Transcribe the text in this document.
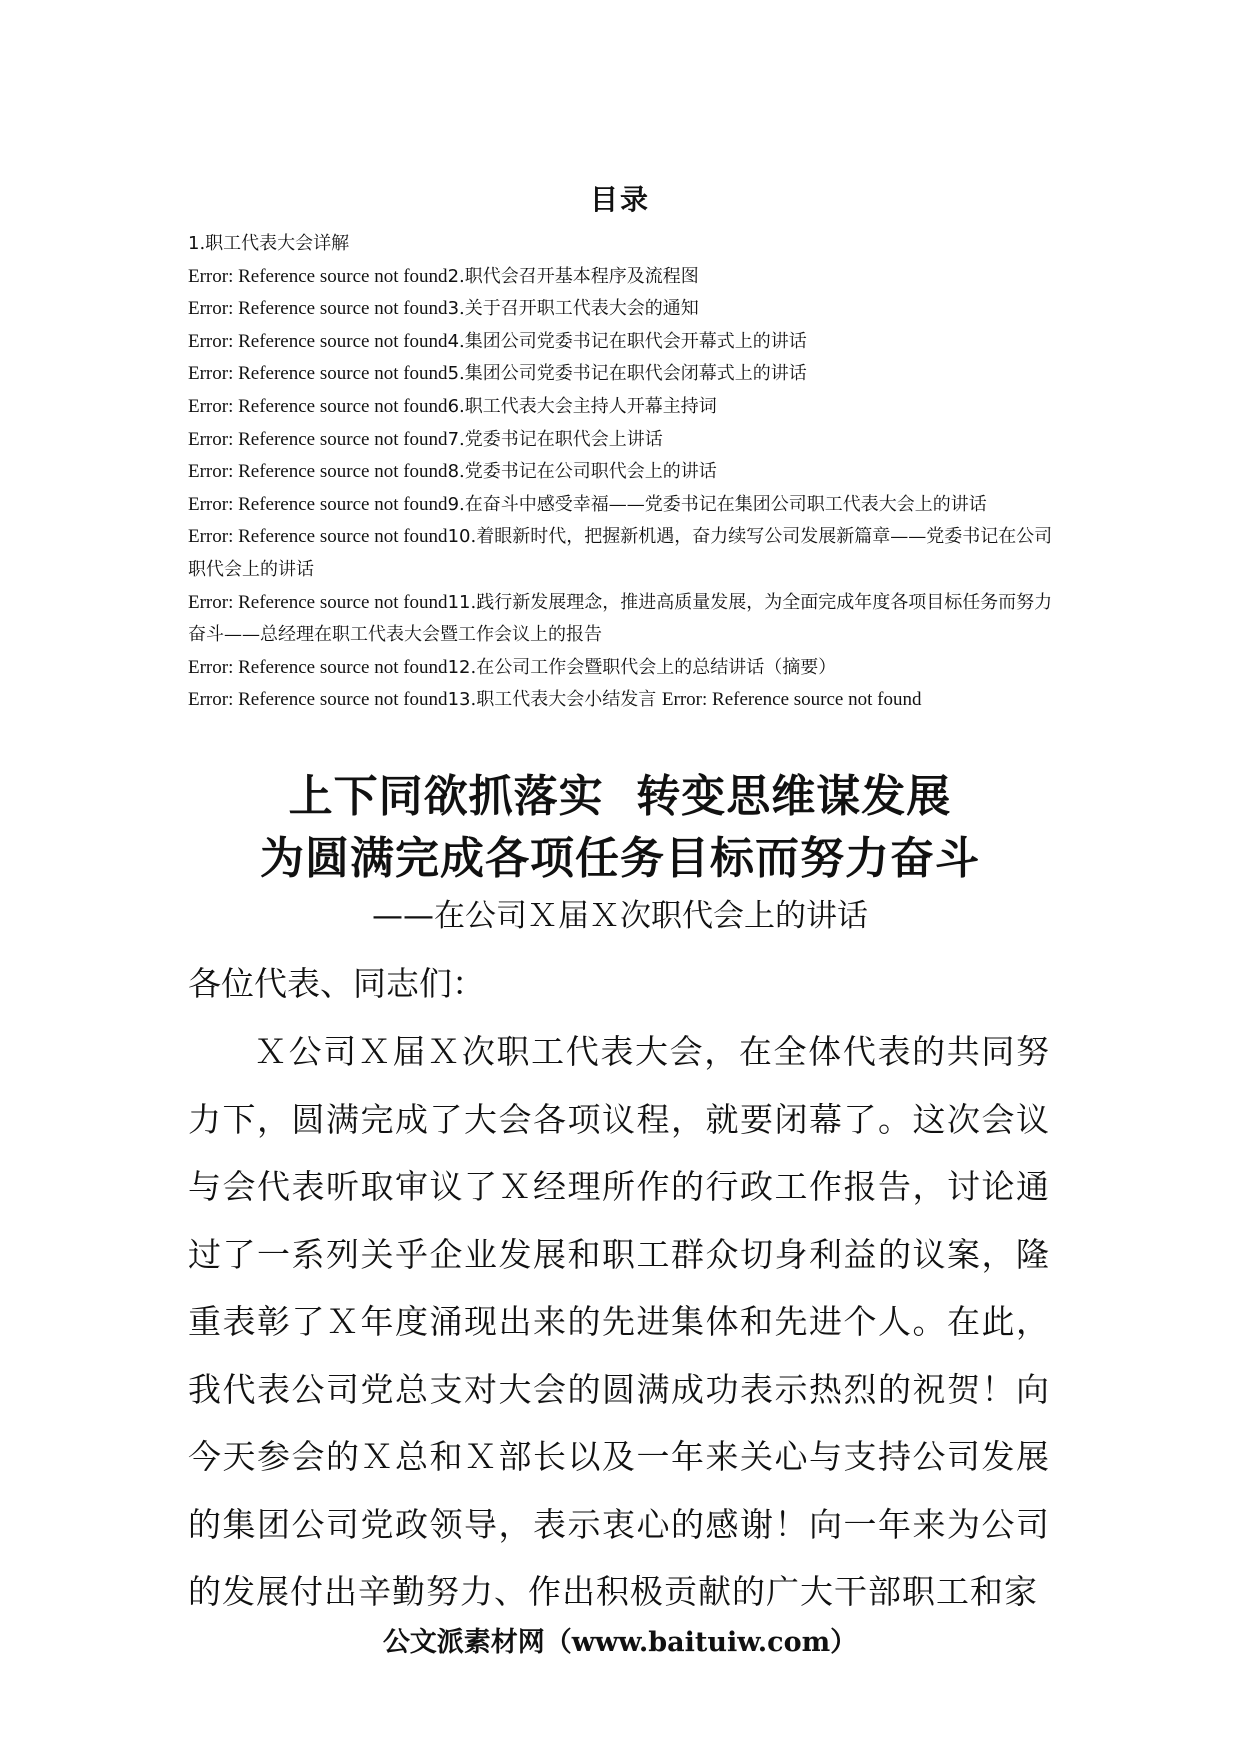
目录
1.职工代表大会详解
Error: Reference source not found2.职代会召开基本程序及流程图
Error: Reference source not found3.关于召开职工代表大会的通知
Error: Reference source not found4.集团公司党委书记在职代会开幕式上的讲话
Error: Reference source not found5.集团公司党委书记在职代会闭幕式上的讲话
Error: Reference source not found6.职工代表大会主持人开幕主持词
Error: Reference source not found7.党委书记在职代会上讲话
Error: Reference source not found8.党委书记在公司职代会上的讲话
Error: Reference source not found9.在奋斗中感受幸福——党委书记在集团公司职工代表大会上的讲话
Error: Reference source not found10.着眼新时代，把握新机遇，奋力续写公司发展新篇章——党委书记在公司职代会上的讲话
Error: Reference source not found11.践行新发展理念，推进高质量发展，为全面完成年度各项目标任务而努力奋斗——总经理在职工代表大会暨工作会议上的报告
Error: Reference source not found12.在公司工作会暨职代会上的总结讲话（摘要）
Error: Reference source not found13.职工代表大会小结发言 Error: Reference source not found
上下同欲抓落实  转变思维谋发展
为圆满完成各项任务目标而努力奋斗
——在公司Ｘ届Ｘ次职代会上的讲话
各位代表、同志们：
Ｘ公司Ｘ届Ｘ次职工代表大会，在全体代表的共同努力下，圆满完成了大会各项议程，就要闭幕了。这次会议与会代表听取审议了Ｘ经理所作的行政工作报告，讨论通过了一系列关乎企业发展和职工群众切身利益的议案，隆重表彰了Ｘ年度涌现出来的先进集体和先进个人。在此，我代表公司党总支对大会的圆满成功表示热烈的祝贺！向今天参会的Ｘ总和Ｘ部长以及一年来关心与支持公司发展的集团公司党政领导，表示衷心的感谢！向一年来为公司的发展付出辛勤努力、作出积极贡献的广大干部职工和家
公文派素材网（www.baituiw.com）
